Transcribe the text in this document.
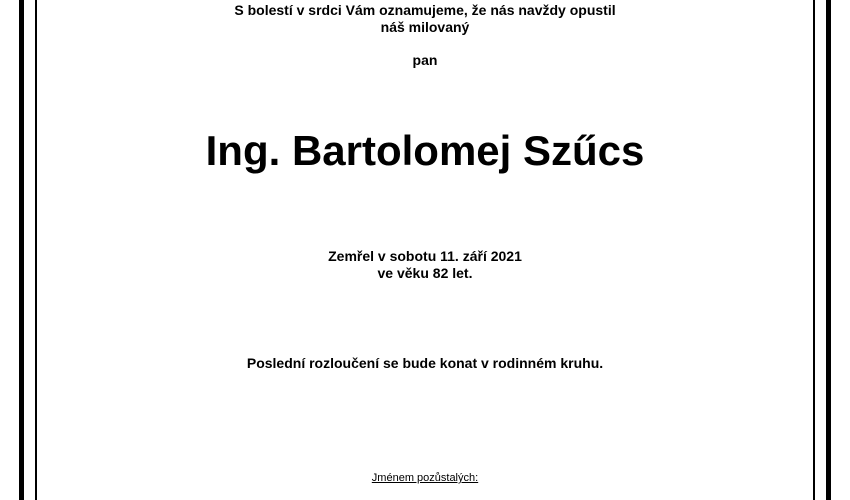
S bolestí v srdci Vám oznamujeme, že nás navždy opustil
náš milovaný
pan
Ing. Bartolomej Szűcs
Zemřel v sobotu 11. září 2021
ve věku 82 let.
Poslední rozloučení se bude konat v rodinném kruhu.
Jménem pozůstalých:
